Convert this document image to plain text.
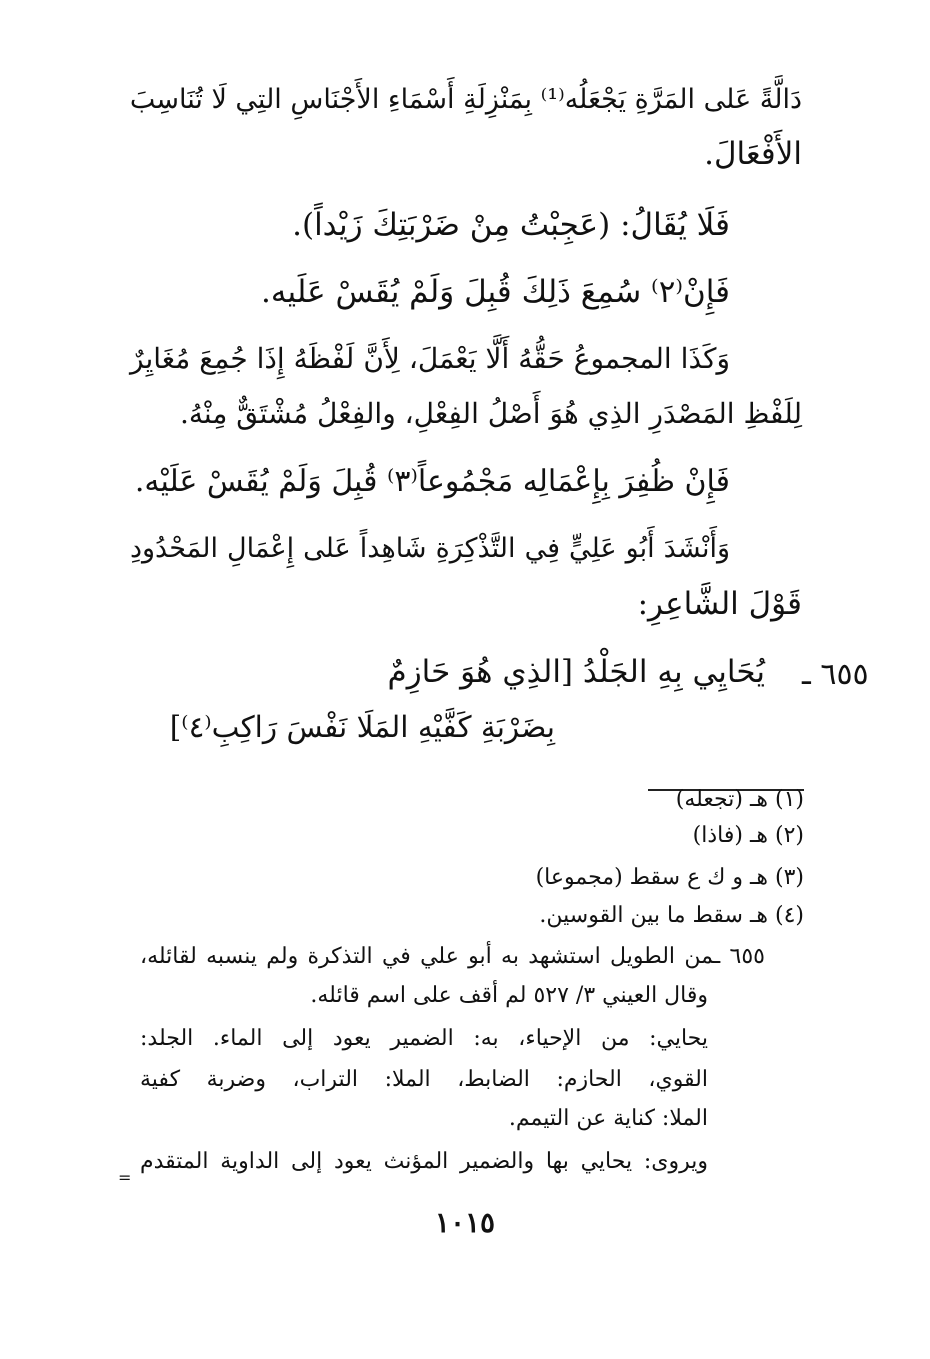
دَالَّةً عَلى المَرَّةِ يَجْعَلُه⁽¹⁾ بِمَنْزِلَةِ أَسْمَاءِ الأَجْنَاسِ التِي لَا تُنَاسِبَ
الأَفْعَالَ.
فَلَا يُقَالُ: (عَجِبْتُ مِنْ ضَرْبَتِكَ زَيْداً).
فَإِنْ⁽٢⁾ سُمِعَ ذَلِكَ قُبِلَ وَلَمْ يُقَسْ عَلَيه.
وَكَذَا المجموعُ حَقُّهُ أَلَّا يَعْمَلَ، لِأَنَّ لَفْظَهُ إِذَا جُمِعَ مُغَايِرٌ
لِلَفْظِ المَصْدَرِ الذِي هُوَ أَصْلُ الفِعْلِ، والفِعْلُ مُشْتَقٌّ مِنْهُ.
فَإِنْ ظُفِرَ بِإِعْمَالِه مَجْمُوعاً⁽٣⁾ قُبِلَ وَلَمْ يُقَسْ عَلَيْه.
وَأَنْشَدَ أَبُو عَلِيٍّ فِي التَّذْكِرَةِ شَاهِداً عَلى إِعْمَالِ المَحْدُودِ
قَوْلَ الشَّاعِرِ:
٦٥٥ ـ
يُحَايِي بِهِ الجَلْدُ [الذِي هُوَ حَازِمٌ
بِضَرْبَةِ كَفَّيْهِ المَلَا نَفْسَ رَاكِبِ⁽٤⁾]
(١) هـ (تجعله)
(٢) هـ (فاذا)
(٣) هـ و ك ع سقط (مجموعا)
(٤) هـ سقط ما بين القوسين.
٦٥٥ ـمن الطويل استشهد به أبو علي في التذكرة ولم ينسبه لقائله،
وقال العيني ٣/ ٥٢٧ لم أقف على اسم قائله.
يحايي: من الإحياء، به: الضمير يعود إلى الماء. الجلد:
القوي، الحازم: الضابط، الملا: التراب، وضربة كفية
الملا: كناية عن التيمم.
ويروى: يحايي بها والضمير المؤنث يعود إلى الداوية المتقدم
=
١٠١٥
